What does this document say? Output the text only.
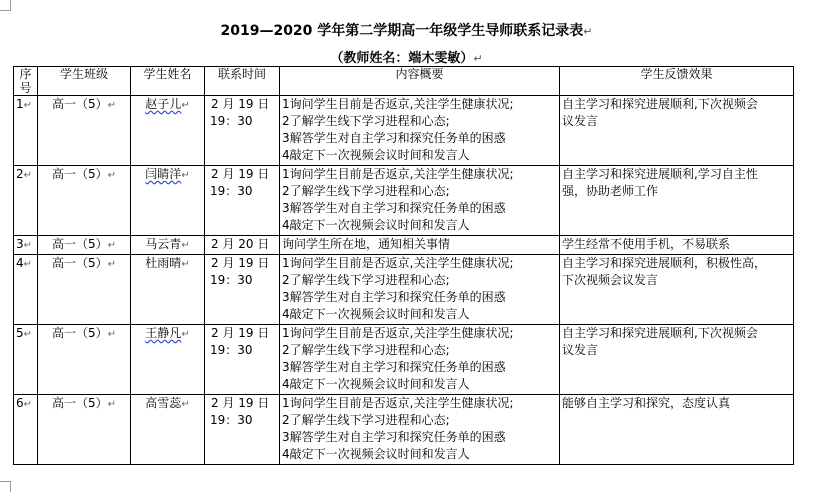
2019—2020 学年第二学期高一年级学生导师联系记录表↵
（教师姓名：端木雯敏）↵
序号	学生班级	学生姓名	联系时间	内容概要	学生反馈效果
1↵	高一（5）↵	赵子儿↵	2 月 19 日
19：30	1询问学生目前是否返京,关注学生健康状况;
2了解学生线下学习进程和心态;
3解答学生对自主学习和探究任务单的困惑
4敲定下一次视频会议时间和发言人	自主学习和探究进展顺利,下次视频会
议发言

2↵	高一（5）↵	闫睛洋↵	2 月 19 日
19：30	1询问学生目前是否返京,关注学生健康状况;
2了解学生线下学习进程和心态;
3解答学生对自主学习和探究任务单的困惑
4敲定下一次视频会议时间和发言人	自主学习和探究进展顺利,学习自主性
强，协助老师工作

3↵	高一（5）↵	马云青↵	2 月 20 日	询问学生所在地，通知相关事情	学生经常不使用手机，不易联系

4↵	高一（5）↵	杜雨晴↵	2 月 19 日
19：30	1询问学生目前是否返京,关注学生健康状况;
2了解学生线下学习进程和心态;
3解答学生对自主学习和探究任务单的困惑
4敲定下一次视频会议时间和发言人	自主学习和探究进展顺利，积极性高，
下次视频会议发言

5↵	高一（5）↵	王静凡↵	2 月 19 日
19：30	1询问学生目前是否返京,关注学生健康状况;
2了解学生线下学习进程和心态;
3解答学生对自主学习和探究任务单的困惑
4敲定下一次视频会议时间和发言人	自主学习和探究进展顺利,下次视频会
议发言

6↵	高一（5）↵	高雪蕊↵	2 月 19 日
19：30	1询问学生目前是否返京,关注学生健康状况;
2了解学生线下学习进程和心态;
3解答学生对自主学习和探究任务单的困惑
4敲定下一次视频会议时间和发言人	能够自主学习和探究，态度认真
